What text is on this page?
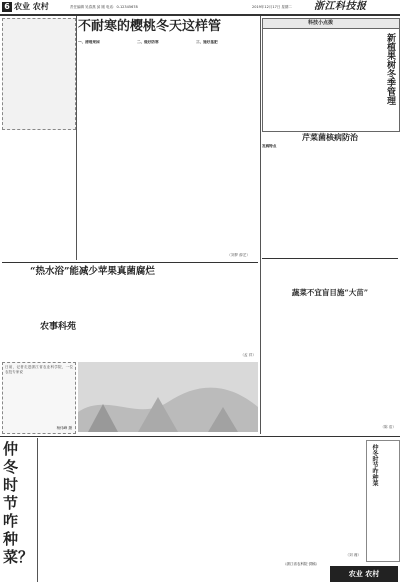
6 农业 农村	责任编辑 吴春燕 邱 刚 电话：0-12345678	2019年12月17日 星期二 浙江科技报
不耐寒的樱桃冬天这样管
一、清理果园	二、做好防寒	三、施好基肥
（刘梦 薛艺）
科技小点拨
新植果树冬季管理
芹菜菌核病防治
发病特点
“热水浴”能减少苹果真菌腐烂
（孟 祥）
农事科苑
蔬菜不宜盲目施“大苗”
日前，记者走进浙江省农业科学院，一位农技专家说
杨伟峰 摄	（陈 浩）
仲冬时节
咋种菜？	（刘 湘）
仲冬时节咋种菜
（浙江省农科院 供稿）
农业 农村
